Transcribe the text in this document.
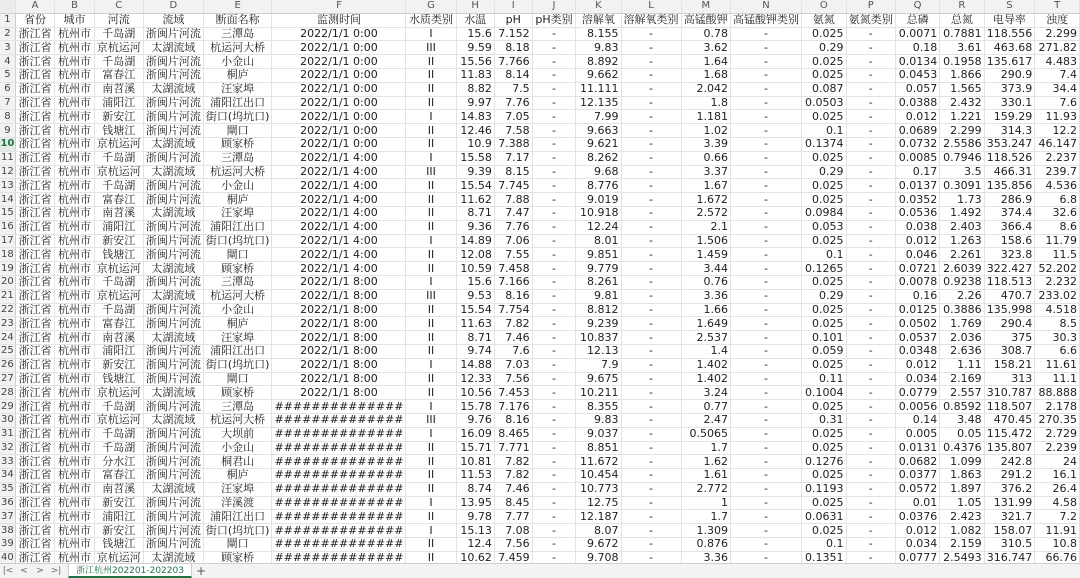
	A	B	C	D	E	F	G	H	I	J	K	L	M	N	O	P	Q	R	S	T
1	省份	城市	河流	流域	断面名称	监测时间	水质类别	水温	pH	pH类别	溶解氧	溶解氧类别	高锰酸钾	高锰酸钾类别	氨氮	氨氮类别	总磷	总氮	电导率	浊度
2	浙江省	杭州市	千岛湖	浙闽片河流	三潭岛	2022/1/1 0:00	I	15.6	7.152	-	8.155	-	0.78	-	0.025	-	0.0071	0.7881	118.556	2.299
3	浙江省	杭州市	京杭运河	太湖流域	杭运河大桥	2022/1/1 0:00	III	9.59	8.18	-	9.83	-	3.62	-	0.29	-	0.18	3.61	463.68	271.82
4	浙江省	杭州市	千岛湖	浙闽片河流	小金山	2022/1/1 0:00	II	15.56	7.766	-	8.892	-	1.64	-	0.025	-	0.0134	0.1958	135.617	4.483
5	浙江省	杭州市	富春江	浙闽片河流	桐庐	2022/1/1 0:00	II	11.83	8.14	-	9.662	-	1.68	-	0.025	-	0.0453	1.866	290.9	7.4
6	浙江省	杭州市	南苕溪	太湖流域	汪家埠	2022/1/1 0:00	II	8.82	7.5	-	11.111	-	2.042	-	0.087	-	0.057	1.565	373.9	34.4
7	浙江省	杭州市	浦阳江	浙闽片河流	浦阳江出口	2022/1/1 0:00	II	9.97	7.76	-	12.135	-	1.8	-	0.0503	-	0.0388	2.432	330.1	7.6
8	浙江省	杭州市	新安江	浙闽片河流	街口(坞坑口)	2022/1/1 0:00	I	14.83	7.05	-	7.99	-	1.181	-	0.025	-	0.012	1.221	159.29	11.93
9	浙江省	杭州市	钱塘江	浙闽片河流	閘口	2022/1/1 0:00	II	12.46	7.58	-	9.663	-	1.02	-	0.1	-	0.0689	2.299	314.3	12.2
10	浙江省	杭州市	京杭运河	太湖流域	顾家桥	2022/1/1 0:00	II	10.9	7.388	-	9.621	-	3.39	-	0.1374	-	0.0732	2.5586	353.247	46.147
11	浙江省	杭州市	千岛湖	浙闽片河流	三潭岛	2022/1/1 4:00	I	15.58	7.17	-	8.262	-	0.66	-	0.025	-	0.0085	0.7946	118.526	2.237
12	浙江省	杭州市	京杭运河	太湖流域	杭运河大桥	2022/1/1 4:00	III	9.39	8.15	-	9.68	-	3.37	-	0.29	-	0.17	3.5	466.31	239.7
13	浙江省	杭州市	千岛湖	浙闽片河流	小金山	2022/1/1 4:00	II	15.54	7.745	-	8.776	-	1.67	-	0.025	-	0.0137	0.3091	135.856	4.536
14	浙江省	杭州市	富春江	浙闽片河流	桐庐	2022/1/1 4:00	II	11.62	7.88	-	9.019	-	1.672	-	0.025	-	0.0352	1.73	286.9	6.8
15	浙江省	杭州市	南苕溪	太湖流域	汪家埠	2022/1/1 4:00	II	8.71	7.47	-	10.918	-	2.572	-	0.0984	-	0.0536	1.492	374.4	32.6
16	浙江省	杭州市	浦阳江	浙闽片河流	浦阳江出口	2022/1/1 4:00	II	9.36	7.76	-	12.24	-	2.1	-	0.053	-	0.038	2.403	366.4	8.6
17	浙江省	杭州市	新安江	浙闽片河流	街口(坞坑口)	2022/1/1 4:00	I	14.89	7.06	-	8.01	-	1.506	-	0.025	-	0.012	1.263	158.6	11.79
18	浙江省	杭州市	钱塘江	浙闽片河流	閘口	2022/1/1 4:00	II	12.08	7.55	-	9.851	-	1.459	-	0.1	-	0.046	2.261	323.8	11.5
19	浙江省	杭州市	京杭运河	太湖流域	顾家桥	2022/1/1 4:00	II	10.59	7.458	-	9.779	-	3.44	-	0.1265	-	0.0721	2.6039	322.427	52.202
20	浙江省	杭州市	千岛湖	浙闽片河流	三潭岛	2022/1/1 8:00	I	15.6	7.166	-	8.261	-	0.76	-	0.025	-	0.0078	0.9238	118.513	2.232
21	浙江省	杭州市	京杭运河	太湖流域	杭运河大桥	2022/1/1 8:00	III	9.53	8.16	-	9.81	-	3.36	-	0.29	-	0.16	2.26	470.7	233.02
22	浙江省	杭州市	千岛湖	浙闽片河流	小金山	2022/1/1 8:00	II	15.54	7.754	-	8.812	-	1.66	-	0.025	-	0.0125	0.3886	135.998	4.518
23	浙江省	杭州市	富春江	浙闽片河流	桐庐	2022/1/1 8:00	II	11.63	7.82	-	9.239	-	1.649	-	0.025	-	0.0502	1.769	290.4	8.5
24	浙江省	杭州市	南苕溪	太湖流域	汪家埠	2022/1/1 8:00	II	8.71	7.46	-	10.837	-	2.537	-	0.101	-	0.0537	2.036	375	30.3
25	浙江省	杭州市	浦阳江	浙闽片河流	浦阳江出口	2022/1/1 8:00	II	9.74	7.6	-	12.13	-	1.4	-	0.059	-	0.0348	2.636	308.7	6.6
26	浙江省	杭州市	新安江	浙闽片河流	街口(坞坑口)	2022/1/1 8:00	I	14.88	7.03	-	7.9	-	1.402	-	0.025	-	0.012	1.11	158.21	11.61
27	浙江省	杭州市	钱塘江	浙闽片河流	閘口	2022/1/1 8:00	II	12.33	7.56	-	9.675	-	1.402	-	0.11	-	0.034	2.169	313	11.1
28	浙江省	杭州市	京杭运河	太湖流域	顾家桥	2022/1/1 8:00	II	10.56	7.453	-	10.211	-	3.24	-	0.1004	-	0.0779	2.557	310.787	88.888
29	浙江省	杭州市	千岛湖	浙闽片河流	三潭岛	##############	I	15.78	7.176	-	8.355	-	0.77	-	0.025	-	0.0056	0.8592	118.507	2.178
30	浙江省	杭州市	京杭运河	太湖流域	杭运河大桥	##############	III	9.76	8.16	-	9.83	-	2.47	-	0.31	-	0.14	3.48	470.45	270.35
31	浙江省	杭州市	千岛湖	浙闽片河流	大坝前	##############	I	16.09	8.465	-	9.037	-	0.5065	-	0.025	-	0.005	0.05	115.472	2.729
32	浙江省	杭州市	千岛湖	浙闽片河流	小金山	##############	II	15.71	7.771	-	8.851	-	1.7	-	0.025	-	0.0131	0.4376	135.807	2.239
33	浙江省	杭州市	分水江	浙闽片河流	桐君山	##############	II	10.81	7.82	-	11.672	-	1.62	-	0.1276	-	0.0682	1.099	242.8	24
34	浙江省	杭州市	富春江	浙闽片河流	桐庐	##############	II	11.53	7.82	-	10.454	-	1.61	-	0.025	-	0.0377	1.863	291.2	16.1
35	浙江省	杭州市	南苕溪	太湖流域	汪家埠	##############	II	8.74	7.46	-	10.773	-	2.772	-	0.1193	-	0.0572	1.897	376.2	26.4
36	浙江省	杭州市	新安江	浙闽片河流	洋溪渡	##############	I	13.95	8.45	-	12.75	-	1	-	0.025	-	0.01	1.05	131.99	4.58
37	浙江省	杭州市	浦阳江	浙闽片河流	浦阳江出口	##############	II	9.78	7.77	-	12.187	-	1.7	-	0.0631	-	0.0376	2.423	321.7	7.2
38	浙江省	杭州市	新安江	浙闽片河流	街口(坞坑口)	##############	I	15.13	7.08	-	8.07	-	1.309	-	0.025	-	0.012	1.082	158.07	11.91
39	浙江省	杭州市	钱塘江	浙闽片河流	閘口	##############	II	12.4	7.56	-	9.672	-	0.876	-	0.1	-	0.034	2.159	310.5	10.8
40	浙江省	杭州市	京杭运河	太湖流域	顾家桥	##############	II	10.62	7.459	-	9.708	-	3.36	-	0.1351	-	0.0777	2.5493	316.747	66.76

|< < > >|	浙江杭州202201-202203 +
